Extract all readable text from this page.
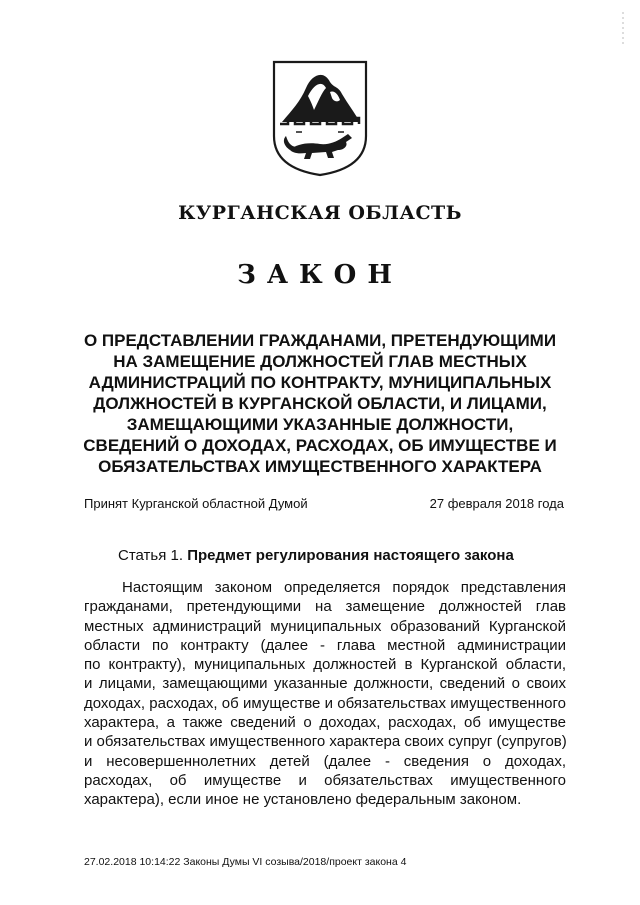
КУРГАНСКАЯ ОБЛАСТЬ
ЗАКОН
О ПРЕДСТАВЛЕНИИ ГРАЖДАНАМИ, ПРЕТЕНДУЮЩИМИ
НА ЗАМЕЩЕНИЕ ДОЛЖНОСТЕЙ ГЛАВ МЕСТНЫХ
АДМИНИСТРАЦИЙ ПО КОНТРАКТУ, МУНИЦИПАЛЬНЫХ
ДОЛЖНОСТЕЙ В КУРГАНСКОЙ ОБЛАСТИ, И ЛИЦАМИ,
ЗАМЕЩАЮЩИМИ УКАЗАННЫЕ ДОЛЖНОСТИ,
СВЕДЕНИЙ О ДОХОДАХ, РАСХОДАХ, ОБ ИМУЩЕСТВЕ И
ОБЯЗАТЕЛЬСТВАХ ИМУЩЕСТВЕННОГО ХАРАКТЕРА
Принят Курганской областной Думой	27 февраля 2018 года
Статья 1. Предмет регулирования настоящего закона
Настоящим законом определяется порядок представления
гражданами, претендующими на замещение должностей глав
местных администраций муниципальных образований Курганской
области по контракту (далее - глава местной администрации
по контракту), муниципальных должностей в Курганской области,
и лицами, замещающими указанные должности, сведений о своих
доходах, расходах, об имуществе и обязательствах имущественного
характера, а также сведений о доходах, расходах, об имуществе
и обязательствах имущественного характера своих супруг (супругов)
и несовершеннолетних детей (далее - сведения о доходах,
расходах, об имуществе и обязательствах имущественного
характера), если иное не установлено федеральным законом.
27.02.2018 10:14:22 Законы Думы VI созыва/2018/проект закона 4
